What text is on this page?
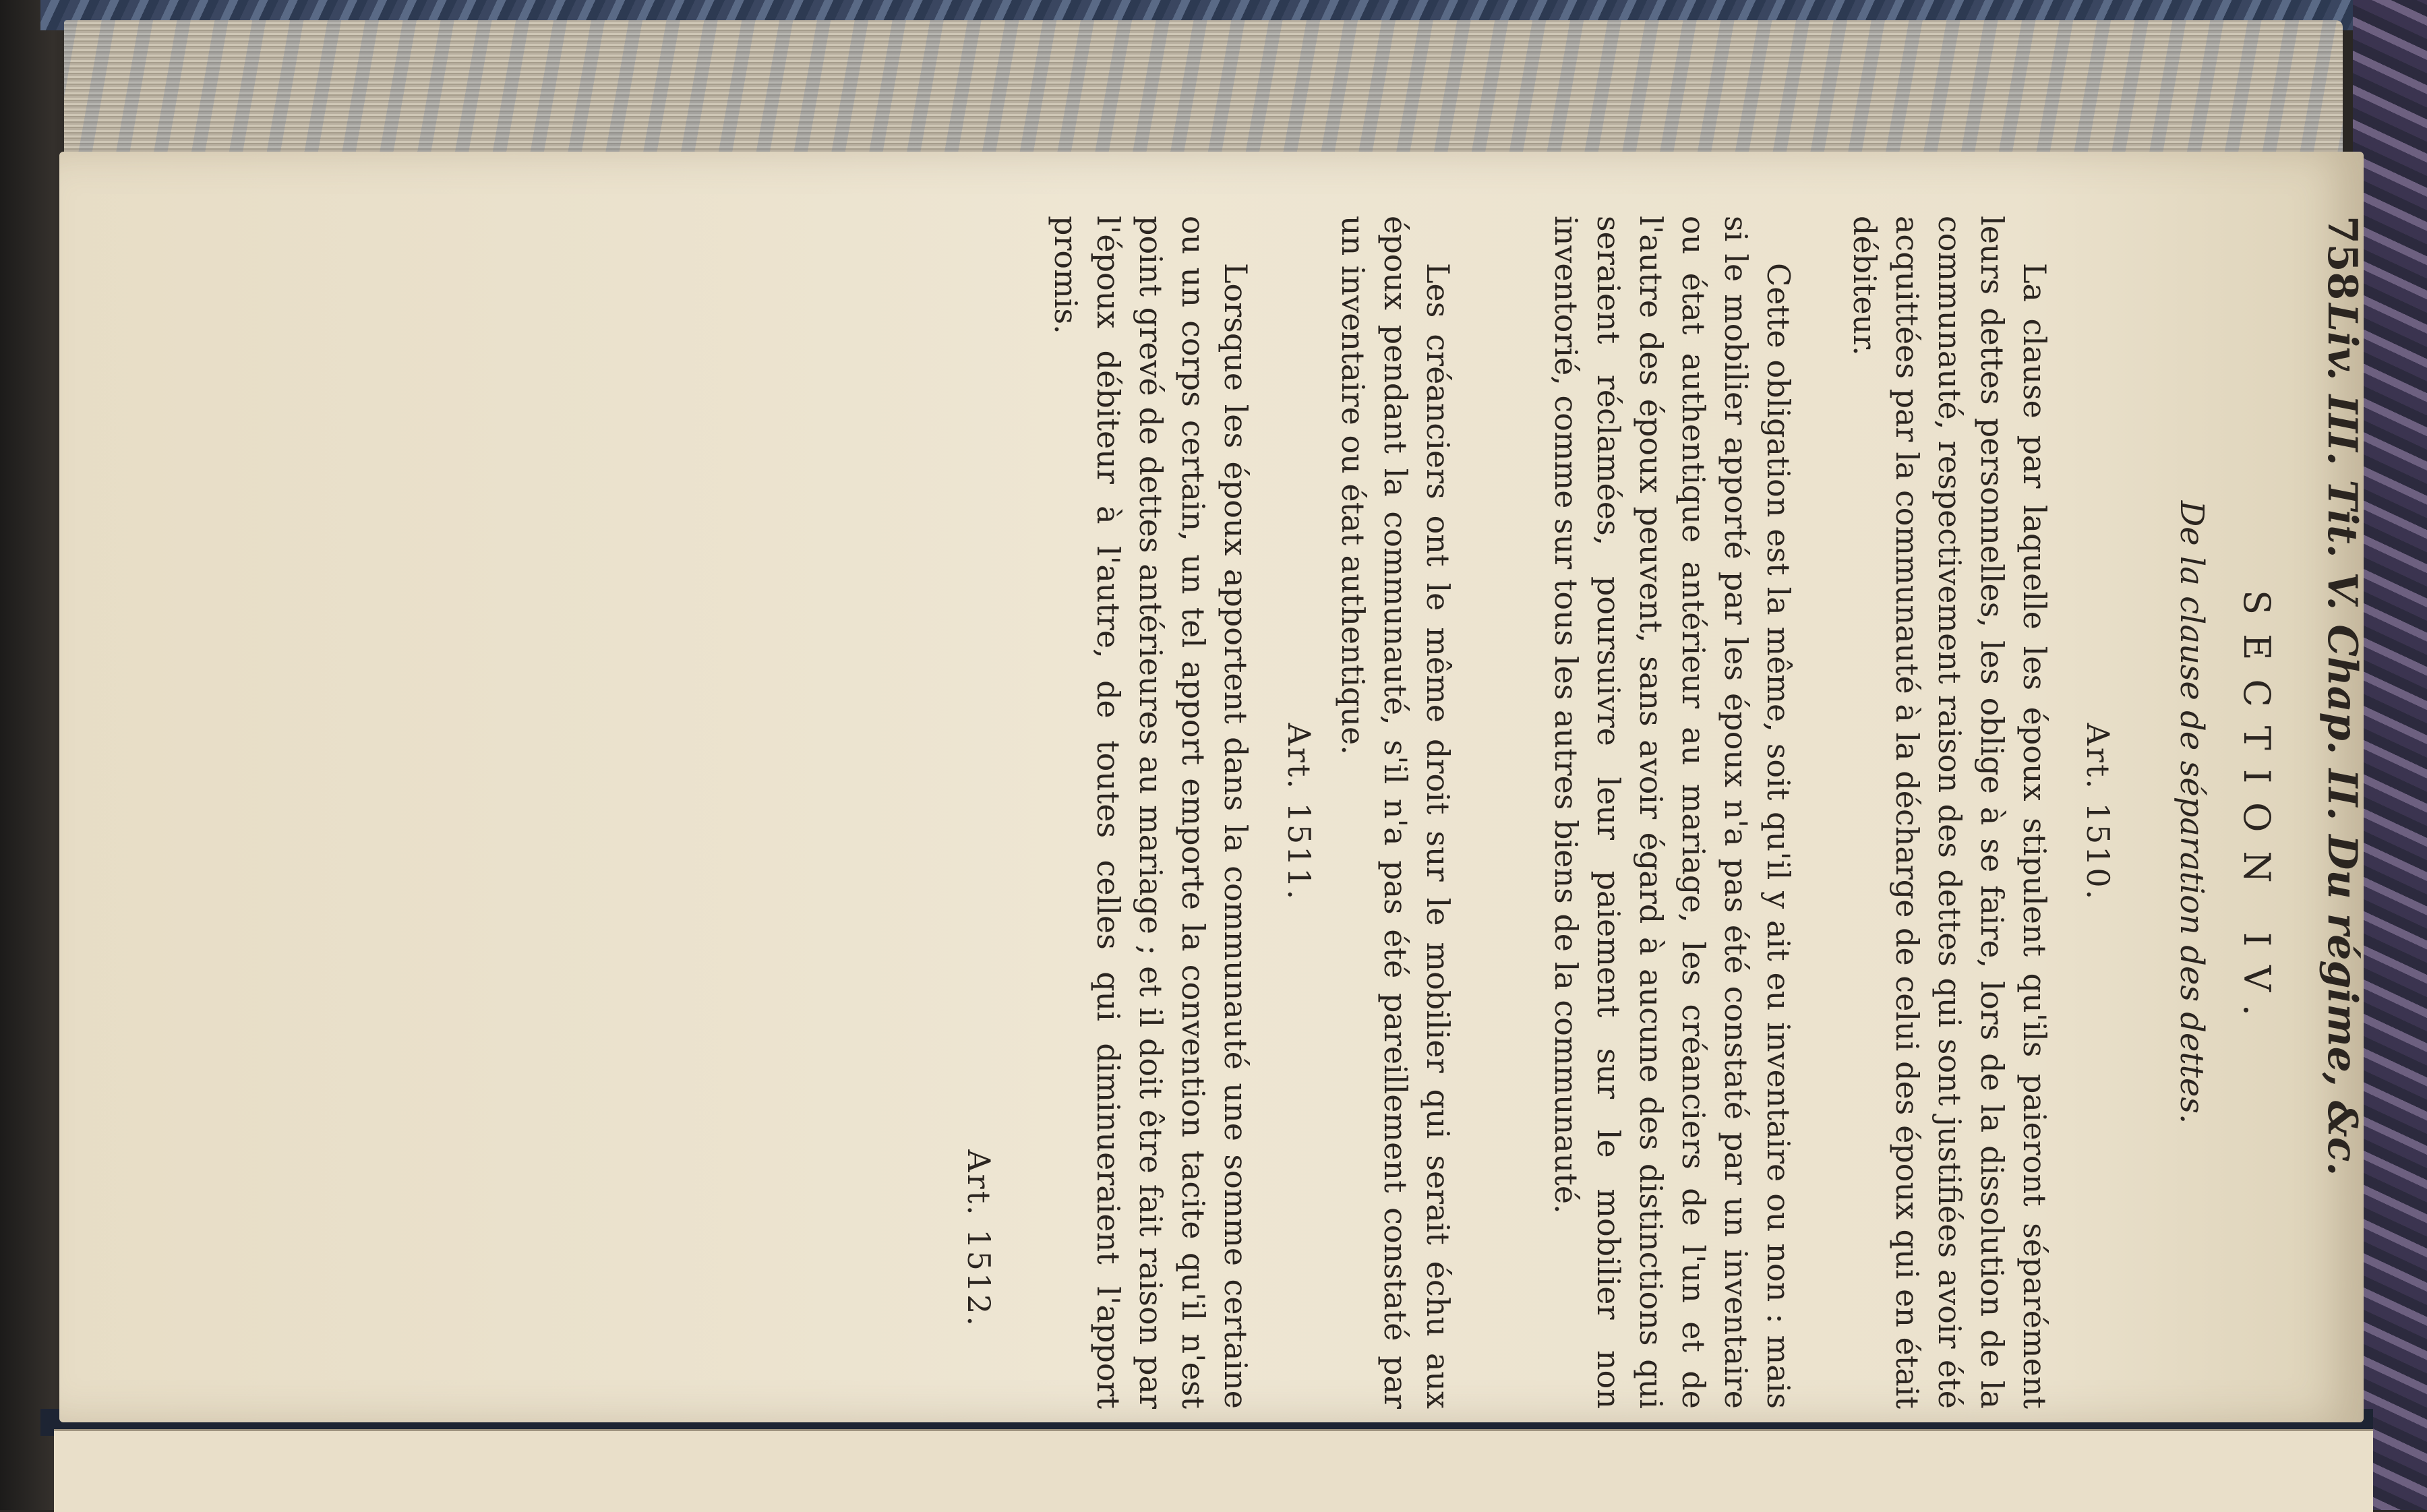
758
Liv. III. Tit. V. Chap. II. Du régime, &c.
SECTION IV.
De la clause de séparation des dettes.
Art. 1510.

La clause par laquelle les époux stipulent qu'ils paieront séparément leurs dettes personnelles, les oblige à se faire, lors de la dissolution de la communauté, respectivement raison des dettes qui sont justifiées avoir été acquittées par la communauté à la décharge de celui des époux qui en était débiteur.

Cette obligation est la même, soit qu'il y ait eu inventaire ou non : mais si le mobilier apporté par les époux n'a pas été constaté par un inventaire ou état authentique antérieur au mariage, les créanciers de l'un et de l'autre des époux peuvent, sans avoir égard à aucune des distinctions qui seraient réclamées, poursuivre leur paiement sur le mobilier non inventorié, comme sur tous les autres biens de la communauté.

Les créanciers ont le même droit sur le mobilier qui serait échu aux époux pendant la communauté, s'il n'a pas été pareillement constaté par un inventaire ou état authentique.

Art. 1511.

Lorsque les époux apportent dans la communauté une somme certaine ou un corps certain, un tel apport emporte la convention tacite qu'il n'est point grevé de dettes antérieures au mariage ; et il doit être fait raison par l'époux débiteur à l'autre, de toutes celles qui diminueraient l'apport promis.

Art. 1512.
